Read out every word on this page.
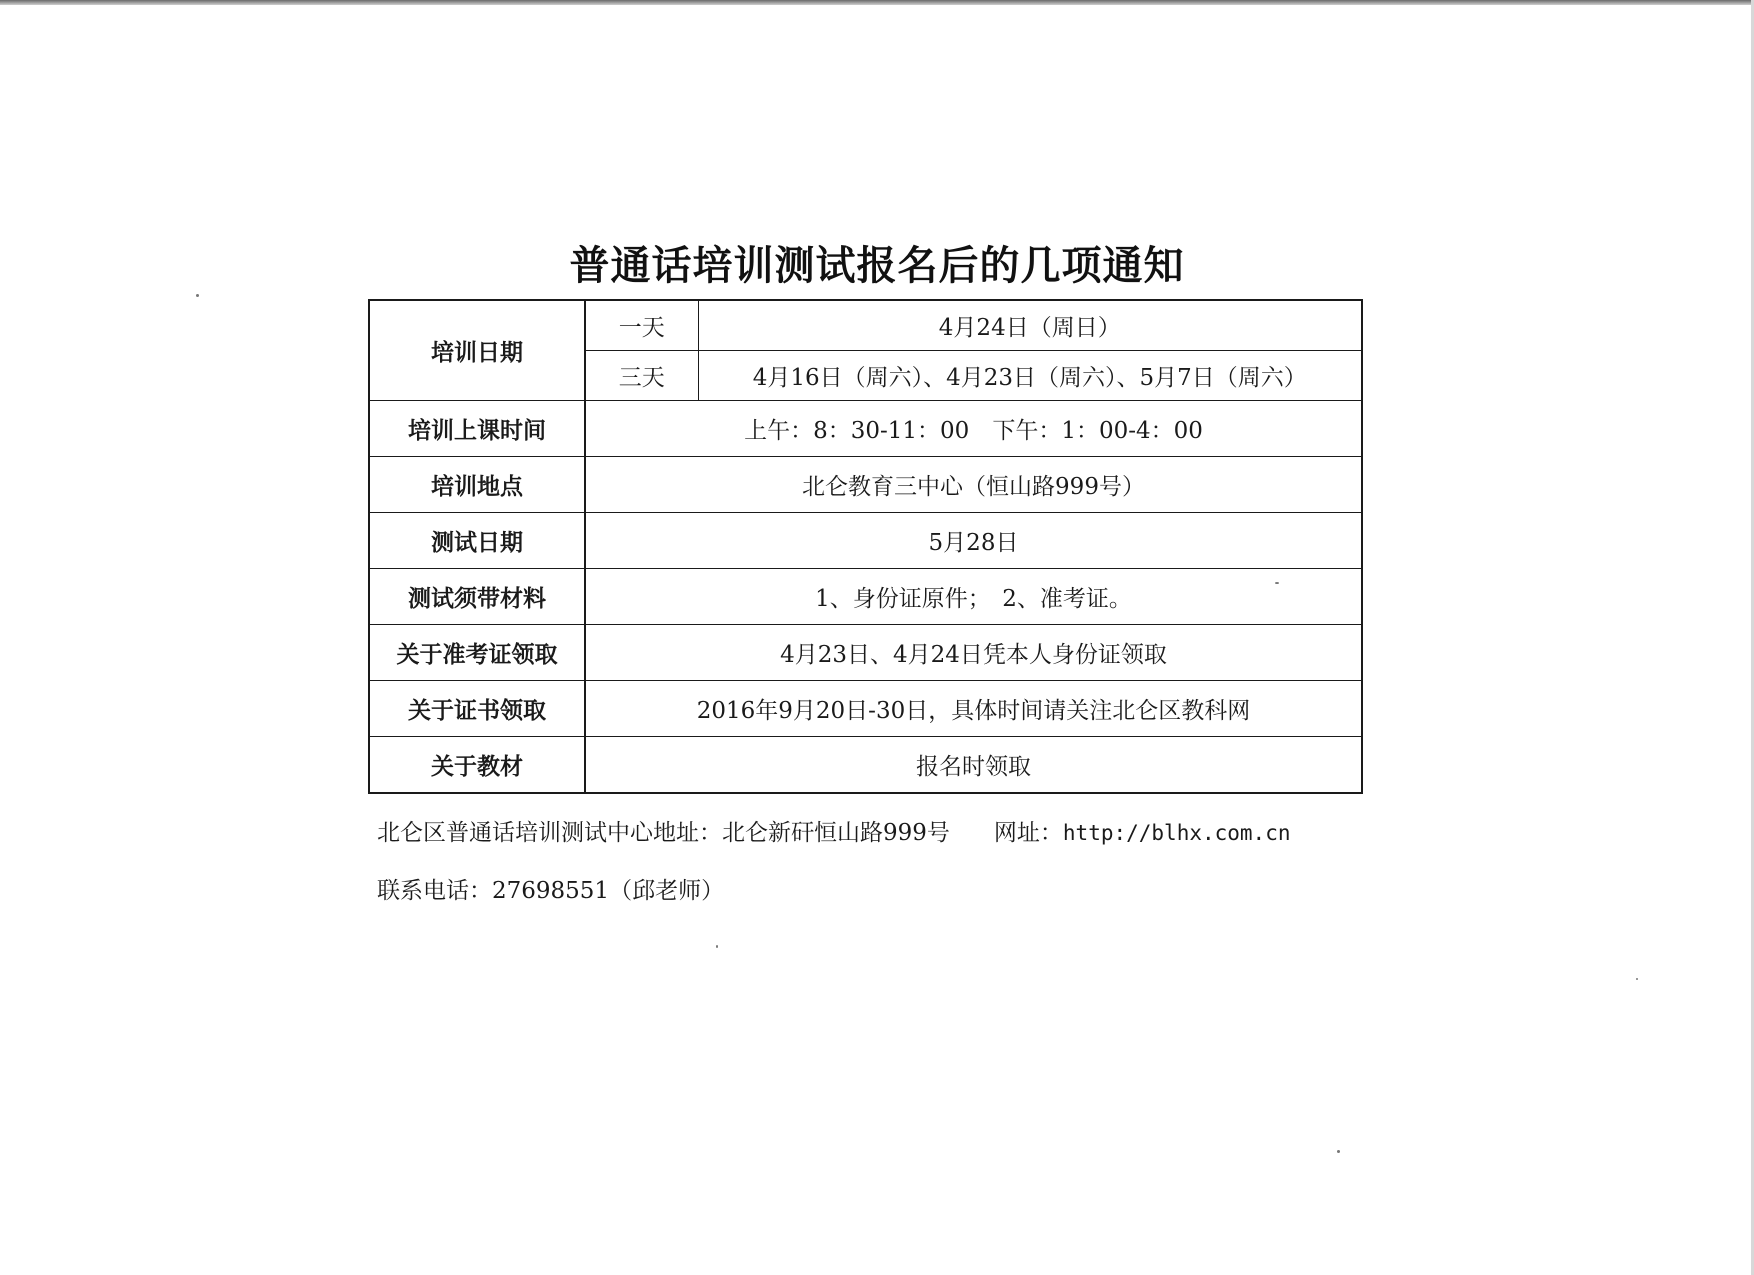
普通话培训测试报名后的几项通知
培训日期	一天	4月24日（周日）
	三天	4月16日（周六）、4月23日（周六）、5月7日（周六）
培训上课时间	上午：8：30-11：00　下午：1：00-4：00	
培训地点	北仑教育三中心（恒山路999号）	
测试日期	5月28日	
测试须带材料	1、身份证原件；　2、准考证。	
关于准考证领取	4月23日、4月24日凭本人身份证领取	
关于证书领取	2016年9月20日-30日，具体时间请关注北仑区教科网	
关于教材	报名时领取	
北仑区普通话培训测试中心地址：北仑新矸恒山路999号 网址：http://blhx.com.cn
联系电话：27698551（邱老师）
